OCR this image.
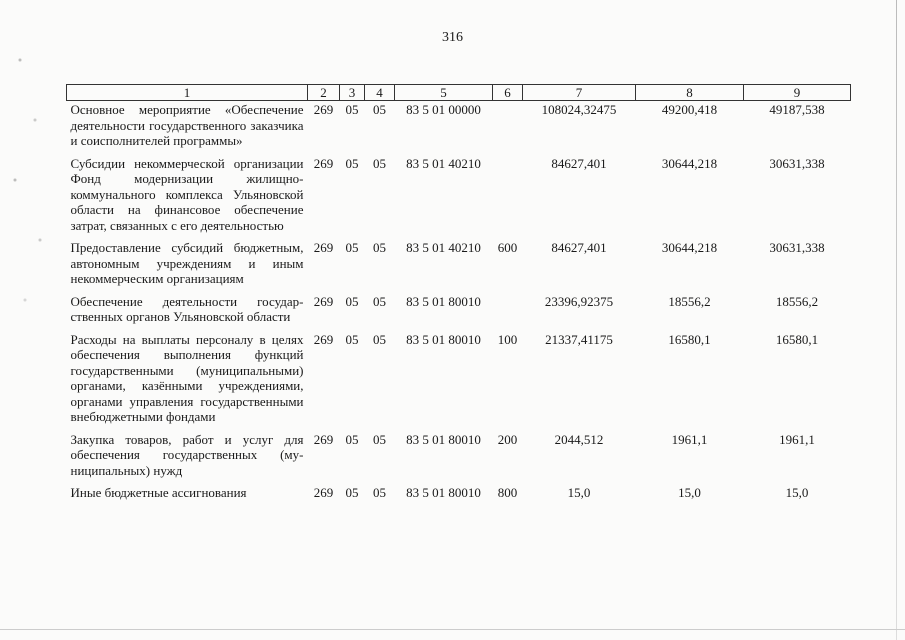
316
1	2	3	4	5	6	7	8	9
Основное мероприятие «Обеспечение деятельности государственного заказчика и соисполнителей программы»	269	05	05	83 5 01 00000		108024,32475	49200,418	49187,538
Субсидии некоммерческой организации Фонд модернизации жилищно-коммунального комплекса Ульяновской области на финансовое обеспечение затрат, связанных с его деятельностью	269	05	05	83 5 01 40210		84627,401	30644,218	30631,338
Предоставление субсидий бюджетным, автономным учреждениям и иным некоммерческим организациям	269	05	05	83 5 01 40210	600	84627,401	30644,218	30631,338
Обеспечение деятельности государственных органов Ульяновской области	269	05	05	83 5 01 80010		23396,92375	18556,2	18556,2
Расходы на выплаты персоналу в целях обеспечения выполнения функций государственными (муниципальными) органами, казёнными учреждениями, органами управления государственными внебюджетными фондами	269	05	05	83 5 01 80010	100	21337,41175	16580,1	16580,1
Закупка товаров, работ и услуг для обеспечения государственных (муниципальных) нужд	269	05	05	83 5 01 80010	200	2044,512	1961,1	1961,1
Иные бюджетные ассигнования	269	05	05	83 5 01 80010	800	15,0	15,0	15,0
